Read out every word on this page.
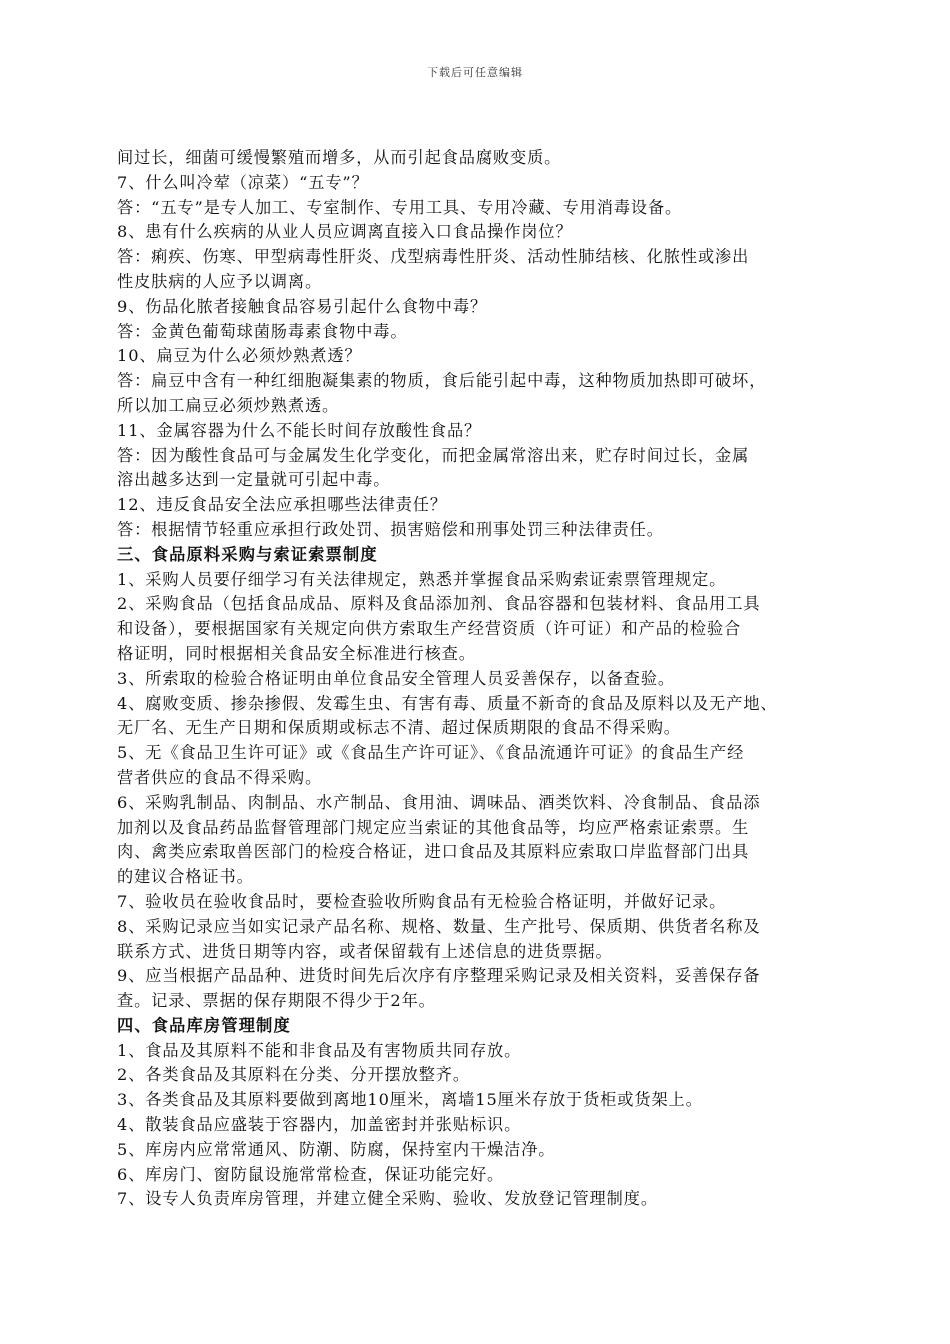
下载后可任意编辑
间过长，细菌可缓慢繁殖而增多，从而引起食品腐败变质。
7、什么叫冷荤（凉菜）“五专”？
答：“五专”是专人加工、专室制作、专用工具、专用冷藏、专用消毒设备。
8、患有什么疾病的从业人员应调离直接入口食品操作岗位？
答：痢疾、伤寒、甲型病毒性肝炎、戊型病毒性肝炎、活动性肺结核、化脓性或渗出
性皮肤病的人应予以调离。
9、伤品化脓者接触食品容易引起什么食物中毒？
答：金黄色葡萄球菌肠毒素食物中毒。
10、扁豆为什么必须炒熟煮透？
答：扁豆中含有一种红细胞凝集素的物质，食后能引起中毒，这种物质加热即可破坏，
所以加工扁豆必须炒熟煮透。
11、金属容器为什么不能长时间存放酸性食品？
答：因为酸性食品可与金属发生化学变化，而把金属常溶出来，贮存时间过长，金属
溶出越多达到一定量就可引起中毒。
12、违反食品安全法应承担哪些法律责任？
答：根据情节轻重应承担行政处罚、损害赔偿和刑事处罚三种法律责任。
三、食品原料采购与索证索票制度
1、采购人员要仔细学习有关法律规定，熟悉并掌握食品采购索证索票管理规定。
2、采购食品（包括食品成品、原料及食品添加剂、食品容器和包装材料、食品用工具
和设备），要根据国家有关规定向供方索取生产经营资质（许可证）和产品的检验合
格证明，同时根据相关食品安全标准进行核查。
3、所索取的检验合格证明由单位食品安全管理人员妥善保存，以备查验。
4、腐败变质、掺杂掺假、发霉生虫、有害有毒、质量不新奇的食品及原料以及无产地、
无厂名、无生产日期和保质期或标志不清、超过保质期限的食品不得采购。
5、无《食品卫生许可证》或《食品生产许可证》、《食品流通许可证》的食品生产经
营者供应的食品不得采购。
6、采购乳制品、肉制品、水产制品、食用油、调味品、酒类饮料、冷食制品、食品添
加剂以及食品药品监督管理部门规定应当索证的其他食品等，均应严格索证索票。生
肉、禽类应索取兽医部门的检疫合格证，进口食品及其原料应索取口岸监督部门出具
的建议合格证书。
7、验收员在验收食品时，要检查验收所购食品有无检验合格证明，并做好记录。
8、采购记录应当如实记录产品名称、规格、数量、生产批号、保质期、供货者名称及
联系方式、进货日期等内容，或者保留载有上述信息的进货票据。
9、应当根据产品品种、进货时间先后次序有序整理采购记录及相关资料，妥善保存备
查。记录、票据的保存期限不得少于2年。
四、食品库房管理制度
1、食品及其原料不能和非食品及有害物质共同存放。
2、各类食品及其原料在分类、分开摆放整齐。
3、各类食品及其原料要做到离地10厘米，离墙15厘米存放于货柜或货架上。
4、散装食品应盛装于容器内，加盖密封并张贴标识。
5、库房内应常常通风、防潮、防腐，保持室内干燥洁净。
6、库房门、窗防鼠设施常常检查，保证功能完好。
7、设专人负责库房管理，并建立健全采购、验收、发放登记管理制度。
